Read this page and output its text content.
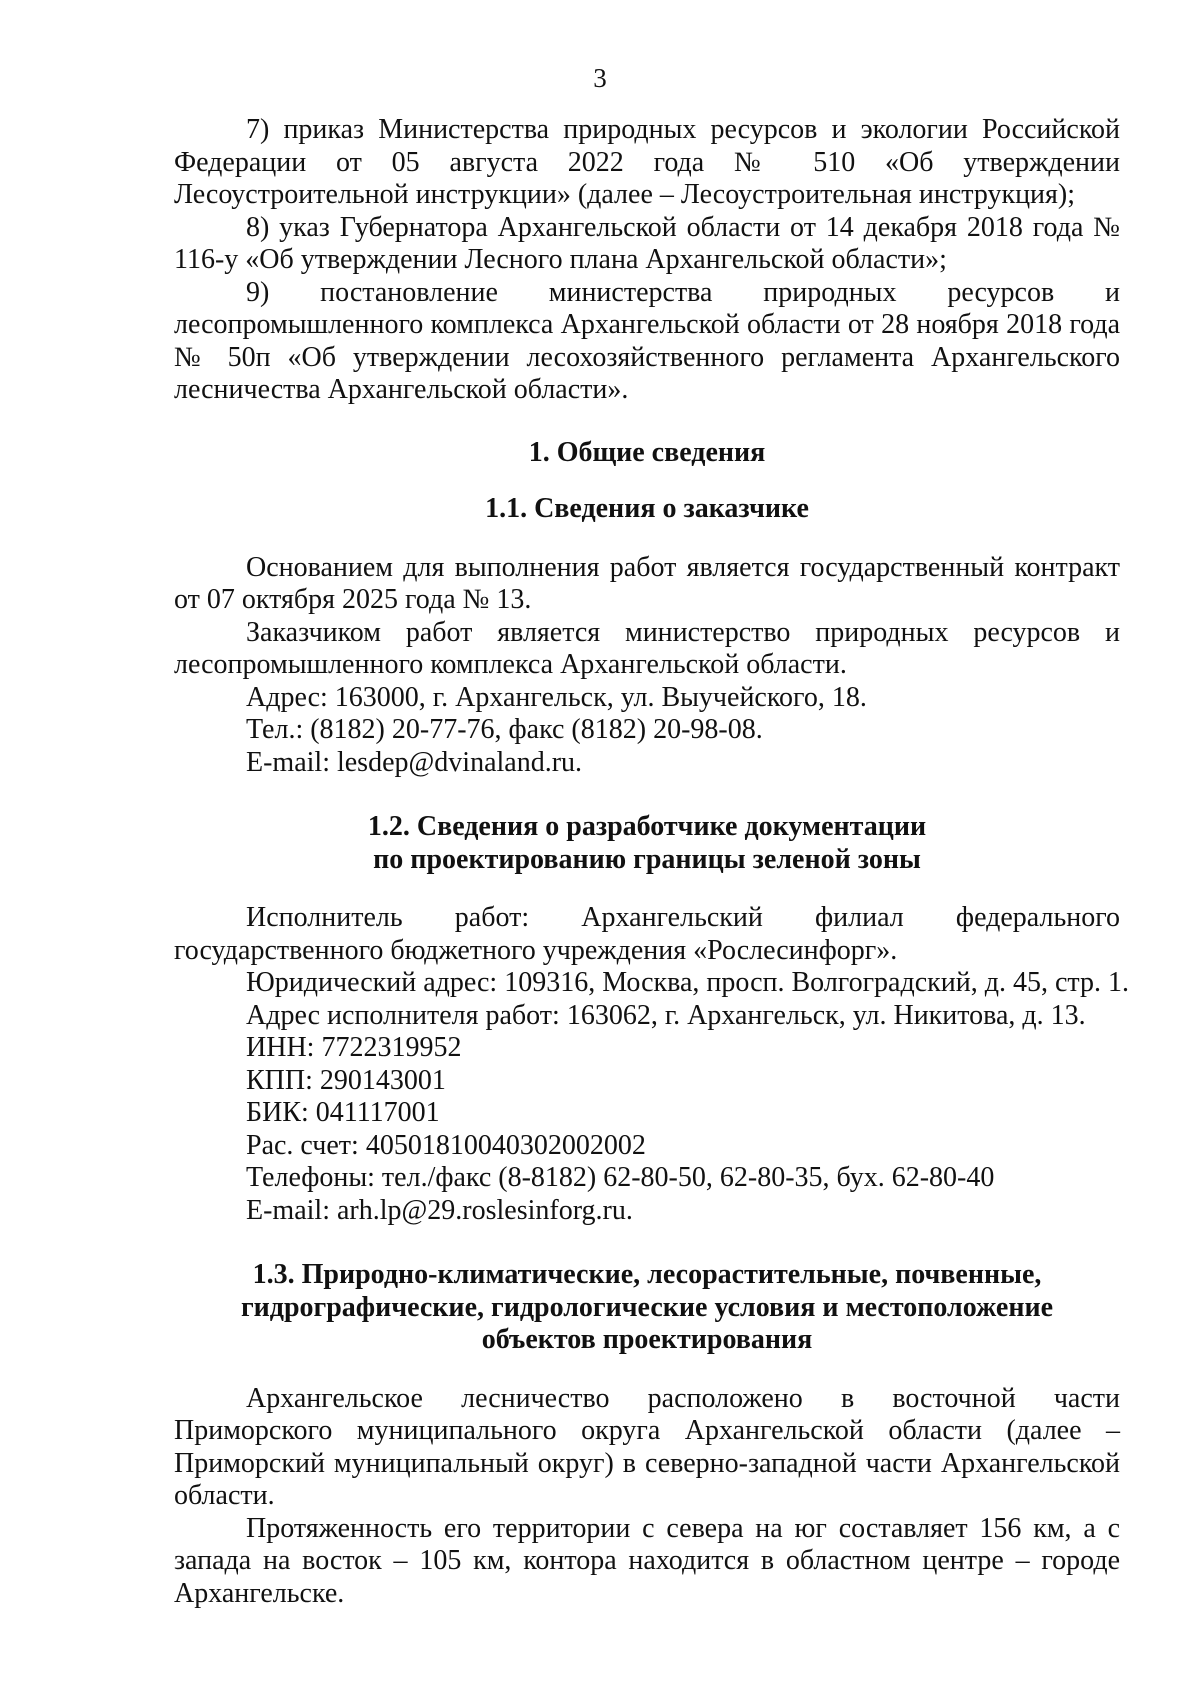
3

7) приказ Министерства природных ресурсов и экологии Российской Федерации от 05 августа 2022 года № 510 «Об утверждении Лесоустроительной инструкции» (далее – Лесоустроительная инструкция);

8) указ Губернатора Архангельской области от 14 декабря 2018 года № 116-у «Об утверждении Лесного плана Архангельской области»;

9) постановление министерства природных ресурсов и лесопромышленного комплекса Архангельской области от 28 ноября 2018 года № 50п «Об утверждении лесохозяйственного регламента Архангельского лесничества Архангельской области».

1. Общие сведения
1.1. Сведения о заказчике

Основанием для выполнения работ является государственный контракт от 07 октября 2025 года № 13.

Заказчиком работ является министерство природных ресурсов и лесопромышленного комплекса Архангельской области.

Адрес: 163000, г. Архангельск, ул. Выучейского, 18.

Тел.: (8182) 20-77-76, факс (8182) 20-98-08.

E-mail: lesdep@dvinaland.ru.

1.2. Сведения о разработчике документации
по проектированию границы зеленой зоны

Исполнитель работ: Архангельский филиал федерального государственного бюджетного учреждения «Рослесинфорг».

Юридический адрес: 109316, Москва, просп. Волгоградский, д. 45, стр. 1.

Адрес исполнителя работ: 163062, г. Архангельск, ул. Никитова, д. 13.

ИНН: 7722319952

КПП: 290143001

БИК: 041117001

Рас. счет: 40501810040302002002

Телефоны: тел./факс (8-8182) 62-80-50, 62-80-35, бух. 62-80-40

E-mail: arh.lp@29.roslesinforg.ru.

1.3. Природно-климатические, лесорастительные, почвенные,
гидрографические, гидрологические условия и местоположение
объектов проектирования

Архангельское лесничество расположено в восточной части Приморского муниципального округа Архангельской области (далее – Приморский муниципальный округ) в северно-западной части Архангельской области.

Протяженность его территории с севера на юг составляет 156 км, а с запада на восток – 105 км, контора находится в областном центре – городе Архангельске.
